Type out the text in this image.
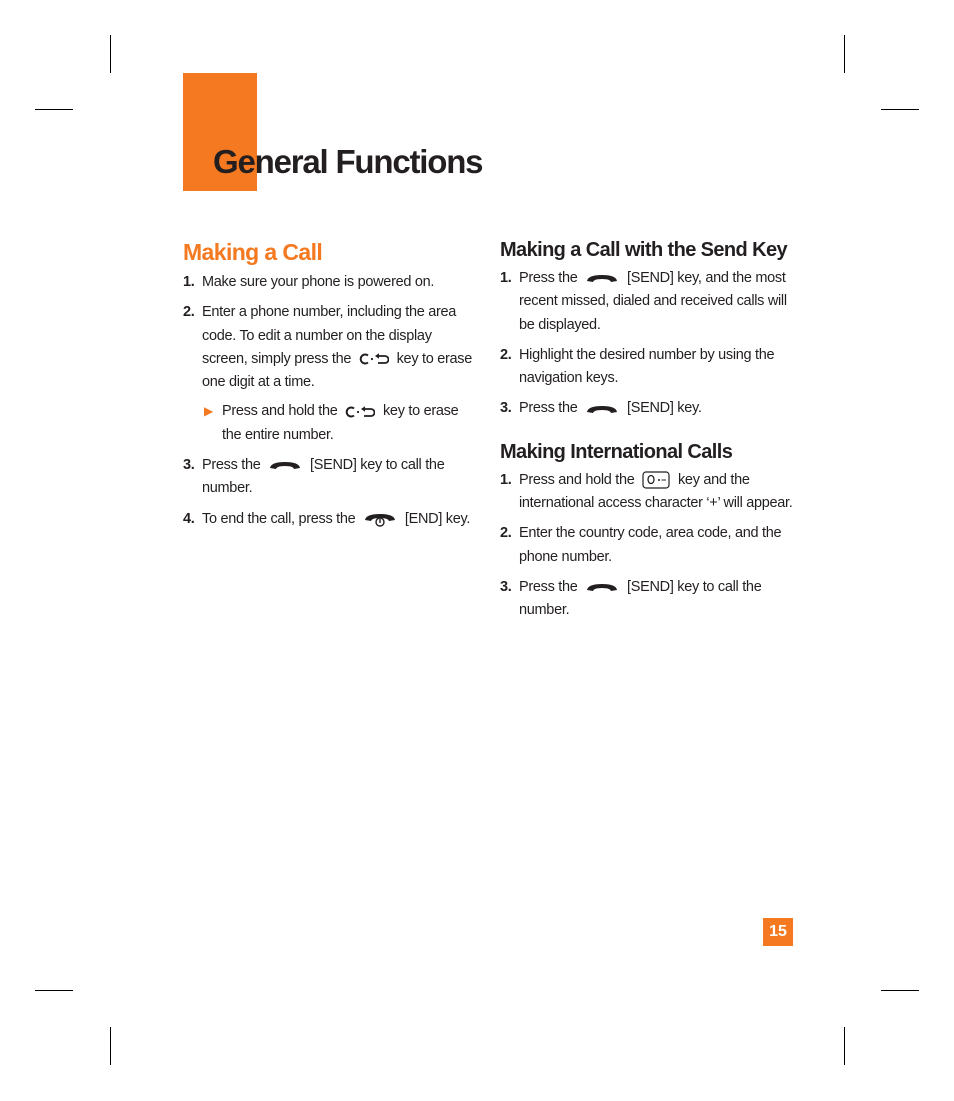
General Functions
Making a Call
1. Make sure your phone is powered on.
2. Enter a phone number, including the area code. To edit a number on the display screen, simply press the	key to erase one digit at a time.
▶ Press and hold the	key to erase the entire number.
3. Press the	[SEND] key to call the number.
4. To end the call, press the	[END] key.
Making a Call with the Send Key
1. Press the	[SEND] key, and the most recent missed, dialed and received calls will be displayed.
2. Highlight the desired number by using the navigation keys.
3. Press the	[SEND] key.
Making International Calls
1. Press and hold the	key and the international access character ‘+’ will appear.
2. Enter the country code, area code, and the phone number.
3. Press the	[SEND] key to call the number.
15
